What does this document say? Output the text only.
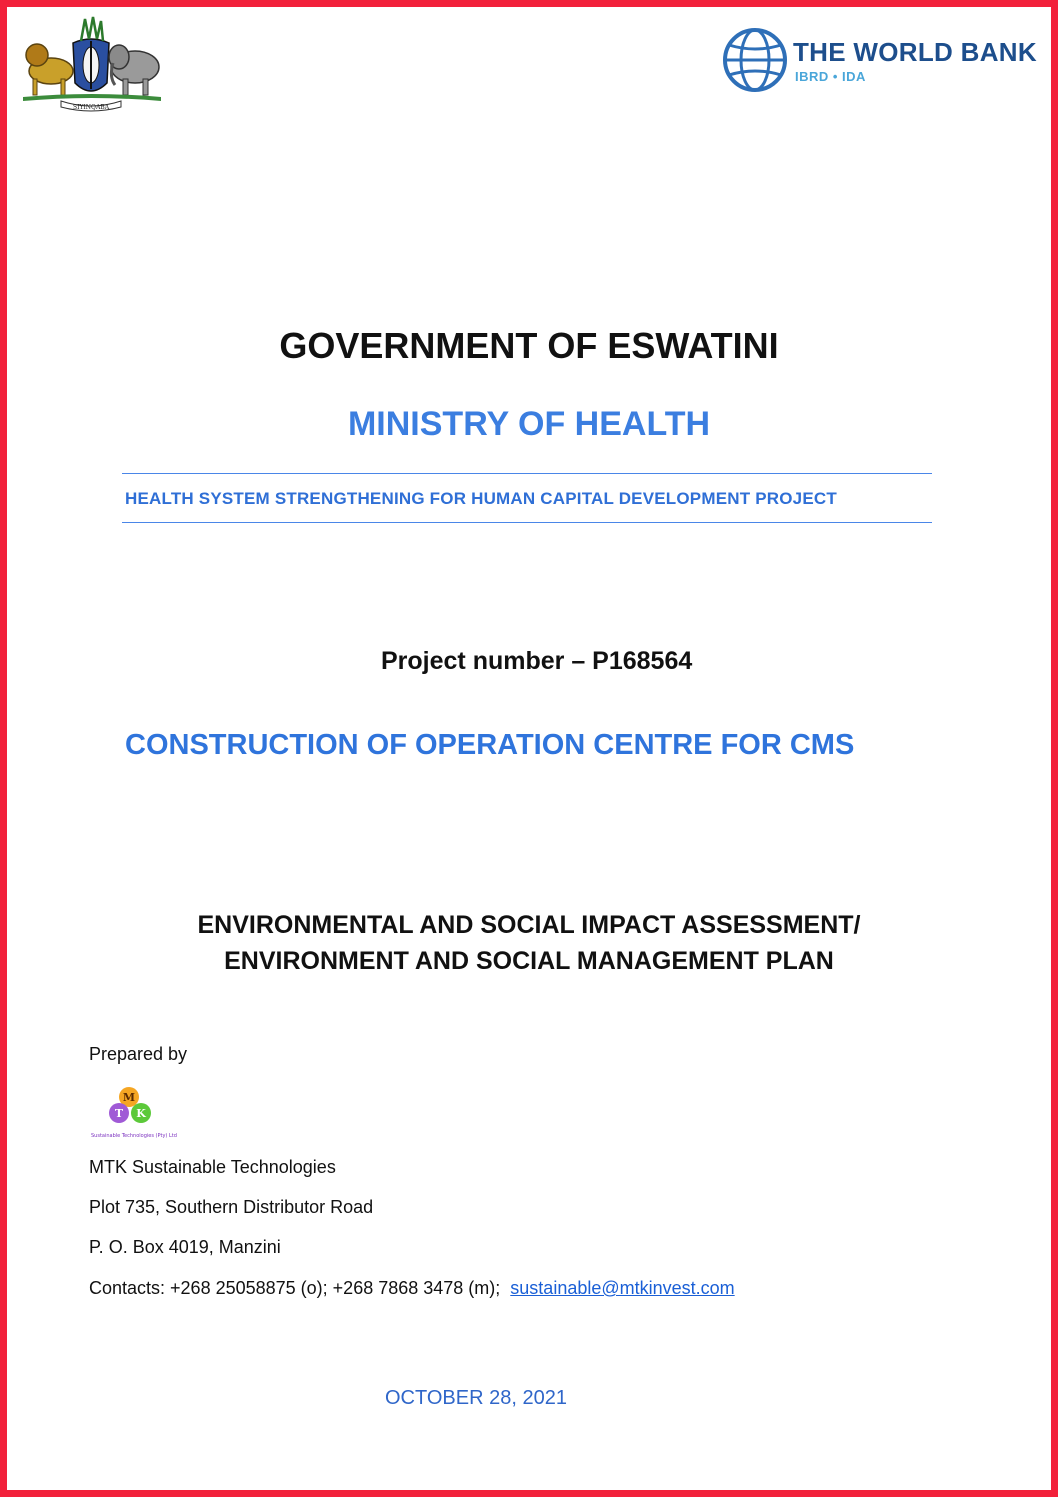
SIYINQABA
THE WORLD BANK
IBRD • IDA
GOVERNMENT OF ESWATINI
MINISTRY OF HEALTH
HEALTH SYSTEM STRENGTHENING FOR HUMAN CAPITAL DEVELOPMENT PROJECT
Project number – P168564
CONSTRUCTION OF OPERATION CENTRE FOR CMS
ENVIRONMENTAL AND SOCIAL IMPACT ASSESSMENT/
ENVIRONMENT AND SOCIAL MANAGEMENT PLAN
Prepared by
M
T K
Sustainable Technologies (Pty) Ltd
MTK Sustainable Technologies
Plot 735, Southern Distributor Road
P. O. Box 4019, Manzini
Contacts: +268 25058875 (o); +268 7868 3478 (m); sustainable@mtkinvest.com
OCTOBER 28, 2021
